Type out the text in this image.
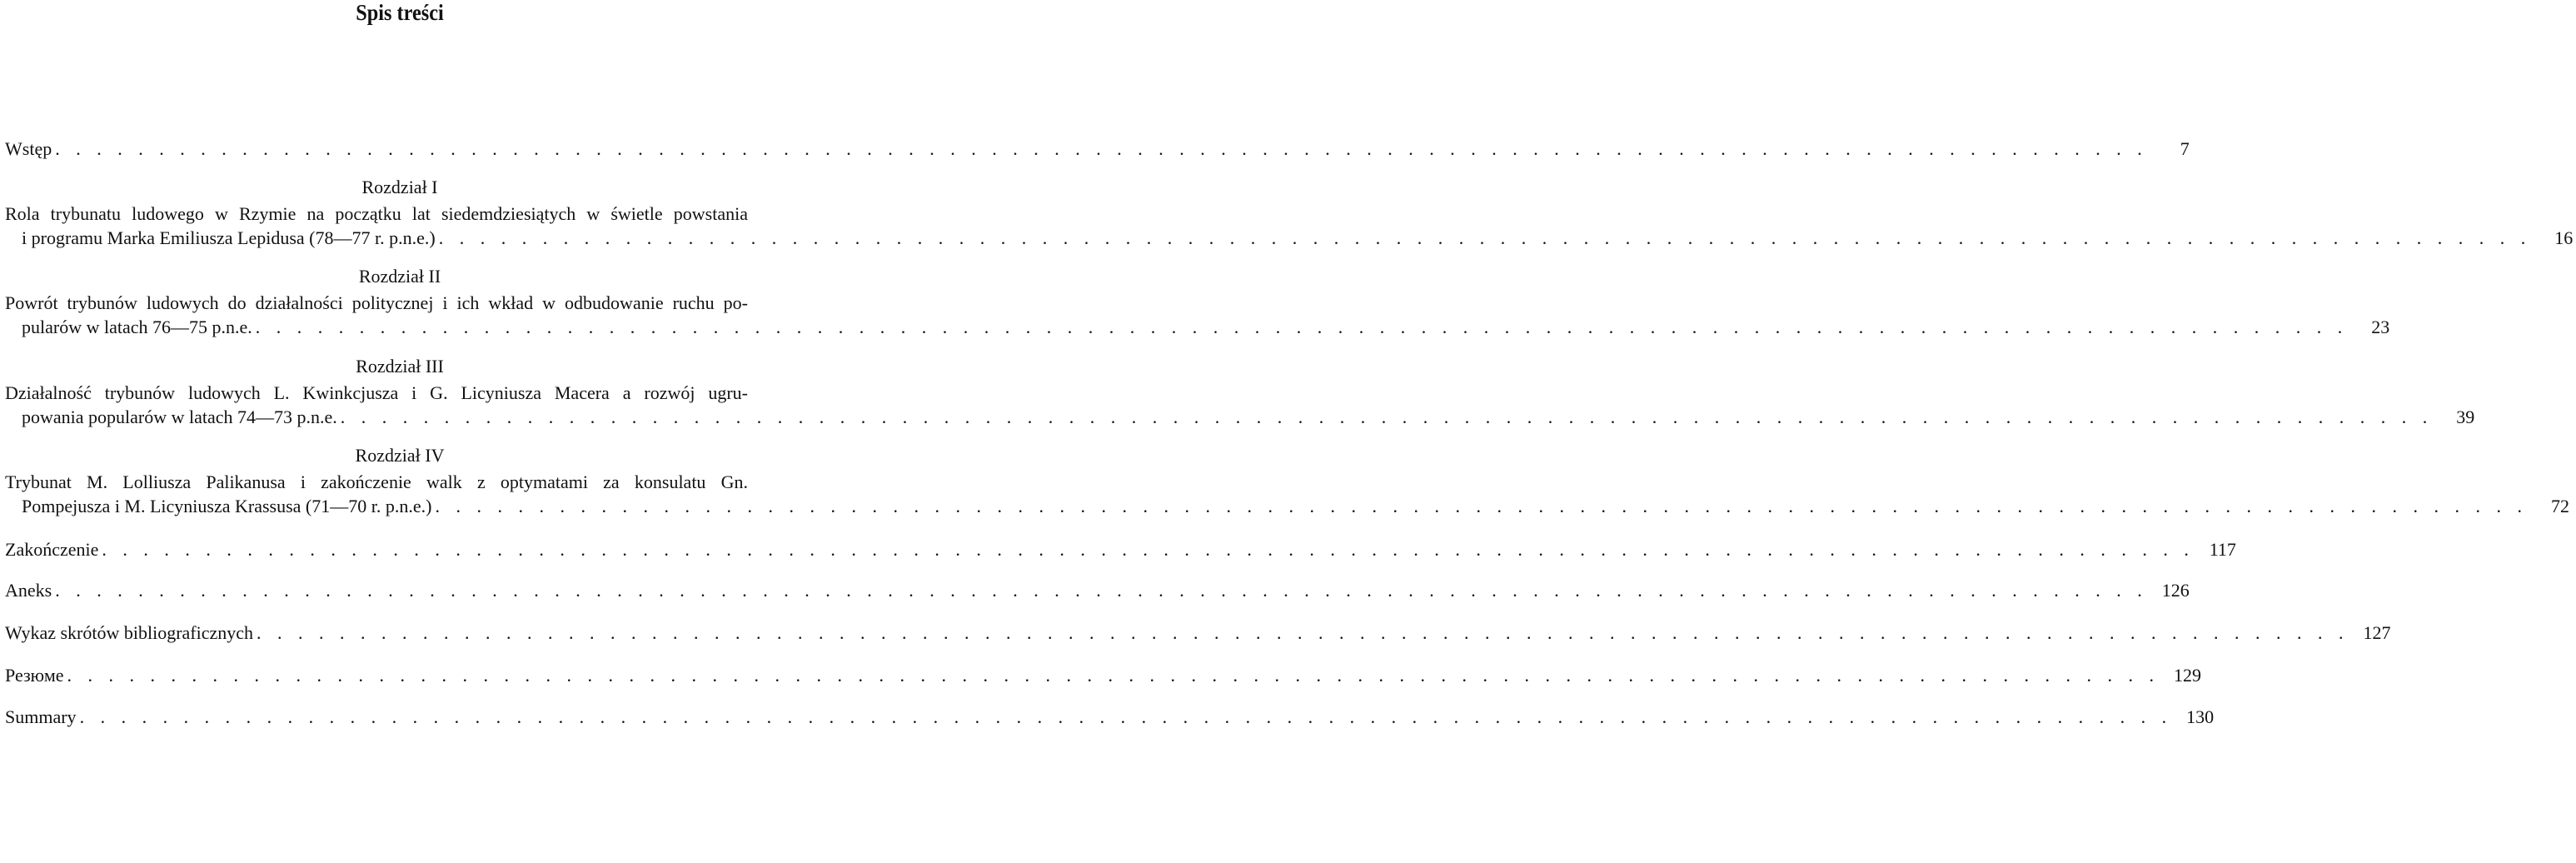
Spis treści
Wstęp . . . . . . . . . . . . . . . . . . . . . . . . . . . . . . . . . . . . . . . . . . . . . . . . . . . . . . . . . . . . . . . . . . . . . . . . . . . . . . . . . . . . . . . . . . . . . . . . . . . . .	7
Rozdział I
Rola trybunatu ludowego w Rzymie na początku lat siedemdziesiątych w świetle powstania
i programu Marka Emiliusza Lepidusa (78—77 r. p.n.e.) . . . . . . . . . . . . . . . . . . . . . . . . . . . . . . . . . . . . . . . . . . . . . . . . . . . . . . . . . . . . . . . . . . . . . . . . . . . . . . . . . . . . . . . . . . . . . . . . . . . . .	16
Rozdział II
Powrót trybunów ludowych do działalności politycznej i ich wkład w odbudowanie ruchu po-
pularów w latach 76—75 p.n.e. . . . . . . . . . . . . . . . . . . . . . . . . . . . . . . . . . . . . . . . . . . . . . . . . . . . . . . . . . . . . . . . . . . . . . . . . . . . . . . . . . . . . . . . . . . . . . . . . . . . . .	23
Rozdział III
Działalność trybunów ludowych L. Kwinkcjusza i G. Licyniusza Macera a rozwój ugru-
powania popularów w latach 74—73 p.n.e. . . . . . . . . . . . . . . . . . . . . . . . . . . . . . . . . . . . . . . . . . . . . . . . . . . . . . . . . . . . . . . . . . . . . . . . . . . . . . . . . . . . . . . . . . . . . . . . . . . . . .	39
Rozdział IV
Trybunat M. Lolliusza Palikanusa i zakończenie walk z optymatami za konsulatu Gn.
Pompejusza i M. Licyniusza Krassusa (71—70 r. p.n.e.) . . . . . . . . . . . . . . . . . . . . . . . . . . . . . . . . . . . . . . . . . . . . . . . . . . . . . . . . . . . . . . . . . . . . . . . . . . . . . . . . . . . . . . . . . . . . . . . . . . . . .	72
Zakończenie . . . . . . . . . . . . . . . . . . . . . . . . . . . . . . . . . . . . . . . . . . . . . . . . . . . . . . . . . . . . . . . . . . . . . . . . . . . . . . . . . . . . . . . . . . . . . . . . . . . . . 117
Aneks . . . . . . . . . . . . . . . . . . . . . . . . . . . . . . . . . . . . . . . . . . . . . . . . . . . . . . . . . . . . . . . . . . . . . . . . . . . . . . . . . . . . . . . . . . . . . . . . . . . . . 126
Wykaz skrótów bibliograficznych . . . . . . . . . . . . . . . . . . . . . . . . . . . . . . . . . . . . . . . . . . . . . . . . . . . . . . . . . . . . . . . . . . . . . . . . . . . . . . . . . . . . . . . . . . . . . . . . . . . . . 127
Резюме . . . . . . . . . . . . . . . . . . . . . . . . . . . . . . . . . . . . . . . . . . . . . . . . . . . . . . . . . . . . . . . . . . . . . . . . . . . . . . . . . . . . . . . . . . . . . . . . . . . . . 129
Summary . . . . . . . . . . . . . . . . . . . . . . . . . . . . . . . . . . . . . . . . . . . . . . . . . . . . . . . . . . . . . . . . . . . . . . . . . . . . . . . . . . . . . . . . . . . . . . . . . . . . . 130
